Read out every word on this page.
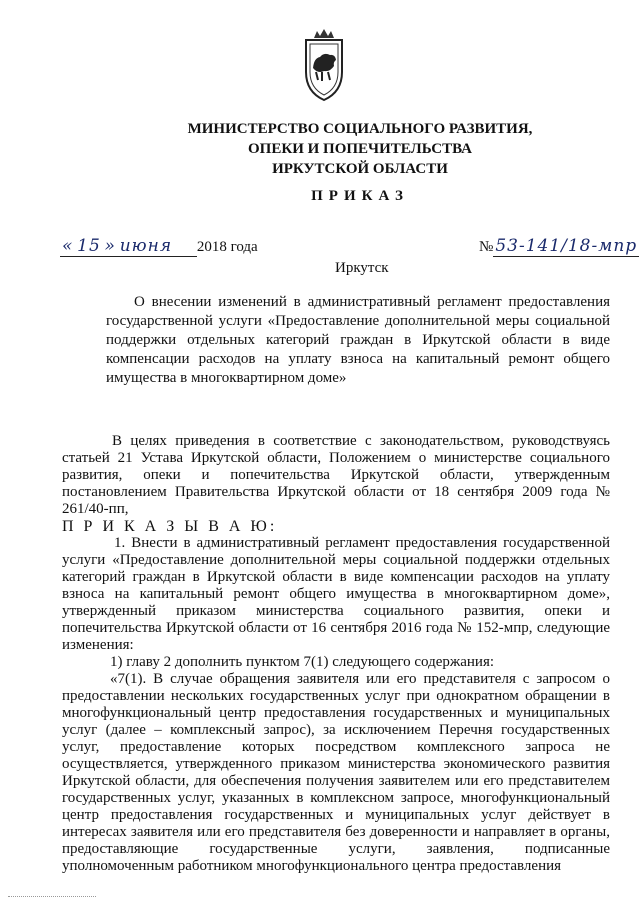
МИНИСТЕРСТВО СОЦИАЛЬНОГО РАЗВИТИЯ,
ОПЕКИ И ПОПЕЧИТЕЛЬСТВА
ИРКУТСКОЙ ОБЛАСТИ
ПРИКАЗ
« 15 » июня 2018 года	№ 53-141/18-мпр
Иркутск
О внесении изменений в административный регламент предоставления государственной услуги «Предоставление дополнительной меры социальной поддержки отдельных категорий граждан в Иркутской области в виде компенсации расходов на уплату взноса на капитальный ремонт общего имущества в многоквартирном доме»

В целях приведения в соответствие с законодательством, руководствуясь статьей 21 Устава Иркутской области, Положением о министерстве социального развития, опеки и попечительства Иркутской области, утвержденным постановлением Правительства Иркутской области от 18 сентября 2009 года № 261/40-пп,

П Р И К А З Ы В А Ю:

1. Внести в административный регламент предоставления государственной услуги «Предоставление дополнительной меры социальной поддержки отдельных категорий граждан в Иркутской области в виде компенсации расходов на уплату взноса на капитальный ремонт общего имущества в многоквартирном доме», утвержденный приказом министерства социального развития, опеки и попечительства Иркутской области от 16 сентября 2016 года № 152-мпр, следующие изменения:

1) главу 2 дополнить пунктом 7(1) следующего содержания:

«7(1). В случае обращения заявителя или его представителя с запросом о предоставлении нескольких государственных услуг при однократном обращении в многофункциональный центр предоставления государственных и муниципальных услуг (далее – комплексный запрос), за исключением Перечня государственных услуг, предоставление которых посредством комплексного запроса не осуществляется, утвержденного приказом министерства экономического развития Иркутской области, для обеспечения получения заявителем или его представителем государственных услуг, указанных в комплексном запросе, многофункциональный центр предоставления государственных и муниципальных услуг действует в интересах заявителя или его представителя без доверенности и направляет в органы, предоставляющие государственные услуги, заявления, подписанные уполномоченным работником многофункционального центра предоставления
